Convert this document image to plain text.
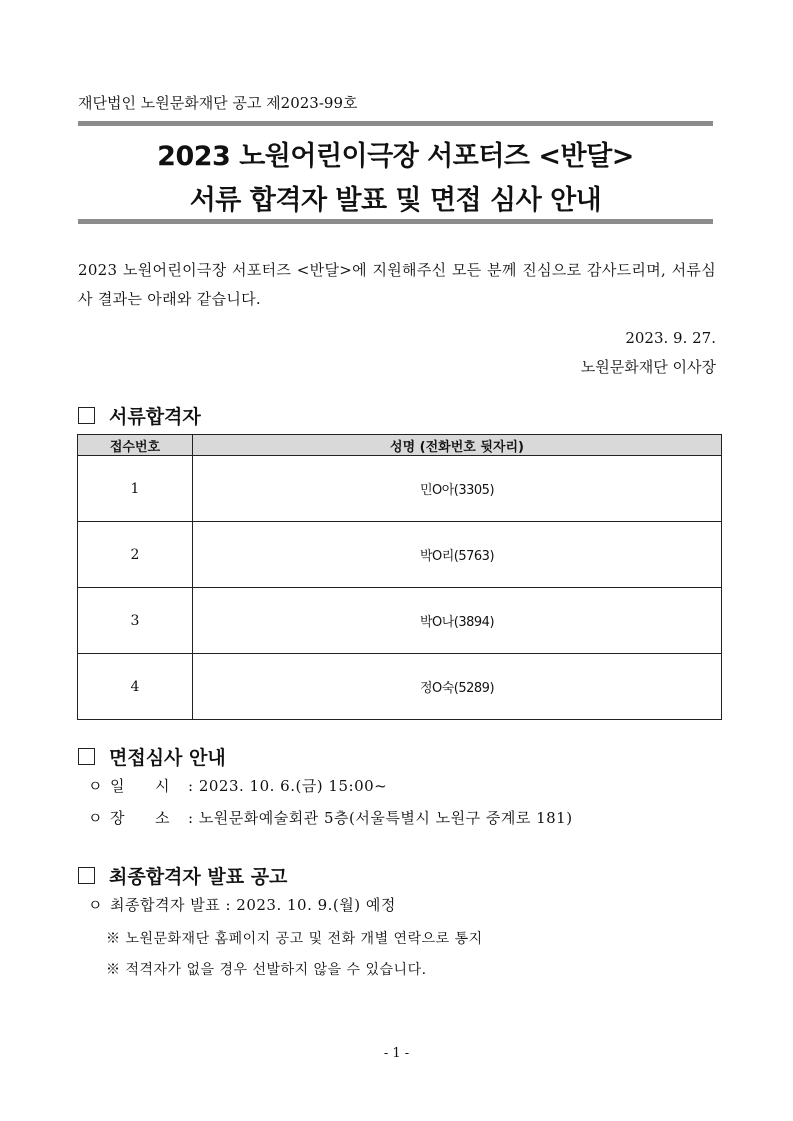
재단법인 노원문화재단 공고 제2023-99호
2023 노원어린이극장 서포터즈 <반달>
서류 합격자 발표 및 면접 심사 안내
2023 노원어린이극장 서포터즈 <반달>에 지원해주신 모든 분께 진심으로 감사드리며, 서류심사 결과는 아래와 같습니다.
2023. 9. 27.
노원문화재단 이사장
서류합격자
접수번호	성명 (전화번호 뒷자리)
1	민O아(3305)
2	박O리(5763)
3	박O나(3894)
4	정O숙(5289)
면접심사 안내
ㅇ 일 시 : 2023. 10. 6.(금) 15:00~
ㅇ 장 소 : 노원문화예술회관 5층(서울특별시 노원구 중계로 181)
최종합격자 발표 공고
ㅇ 최종합격자 발표 : 2023. 10. 9.(월) 예정
※ 노원문화재단 홈페이지 공고 및 전화 개별 연락으로 통지
※ 적격자가 없을 경우 선발하지 않을 수 있습니다.
- 1 -
